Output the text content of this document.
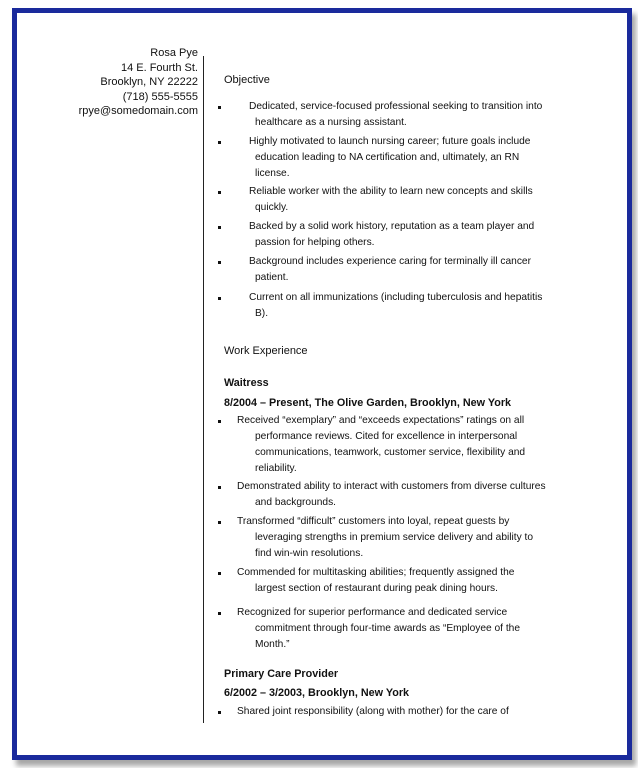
Rosa Pye
14 E. Fourth St.
Brooklyn, NY 22222
(718) 555-5555
rpye@somedomain.com
Objective
Dedicated, service-focused professional seeking to transition into
healthcare as a nursing assistant.
Highly motivated to launch nursing career; future goals include
education leading to NA certification and, ultimately, an RN
license.
Reliable worker with the ability to learn new concepts and skills
quickly.
Backed by a solid work history, reputation as a team player and
passion for helping others.
Background includes experience caring for terminally ill cancer
patient.
Current on all immunizations (including tuberculosis and hepatitis
B).
Work Experience
Waitress
8/2004 – Present, The Olive Garden, Brooklyn, New York
Received “exemplary” and “exceeds expectations” ratings on all
performance reviews. Cited for excellence in interpersonal
communications, teamwork, customer service, flexibility and
reliability.
Demonstrated ability to interact with customers from diverse cultures
and backgrounds.
Transformed “difficult” customers into loyal, repeat guests by
leveraging strengths in premium service delivery and ability to
find win-win resolutions.
Commended for multitasking abilities; frequently assigned the
largest section of restaurant during peak dining hours.
Recognized for superior performance and dedicated service
commitment through four-time awards as “Employee of the
Month.”
Primary Care Provider
6/2002 – 3/2003, Brooklyn, New York
Shared joint responsibility (along with mother) for the care of
